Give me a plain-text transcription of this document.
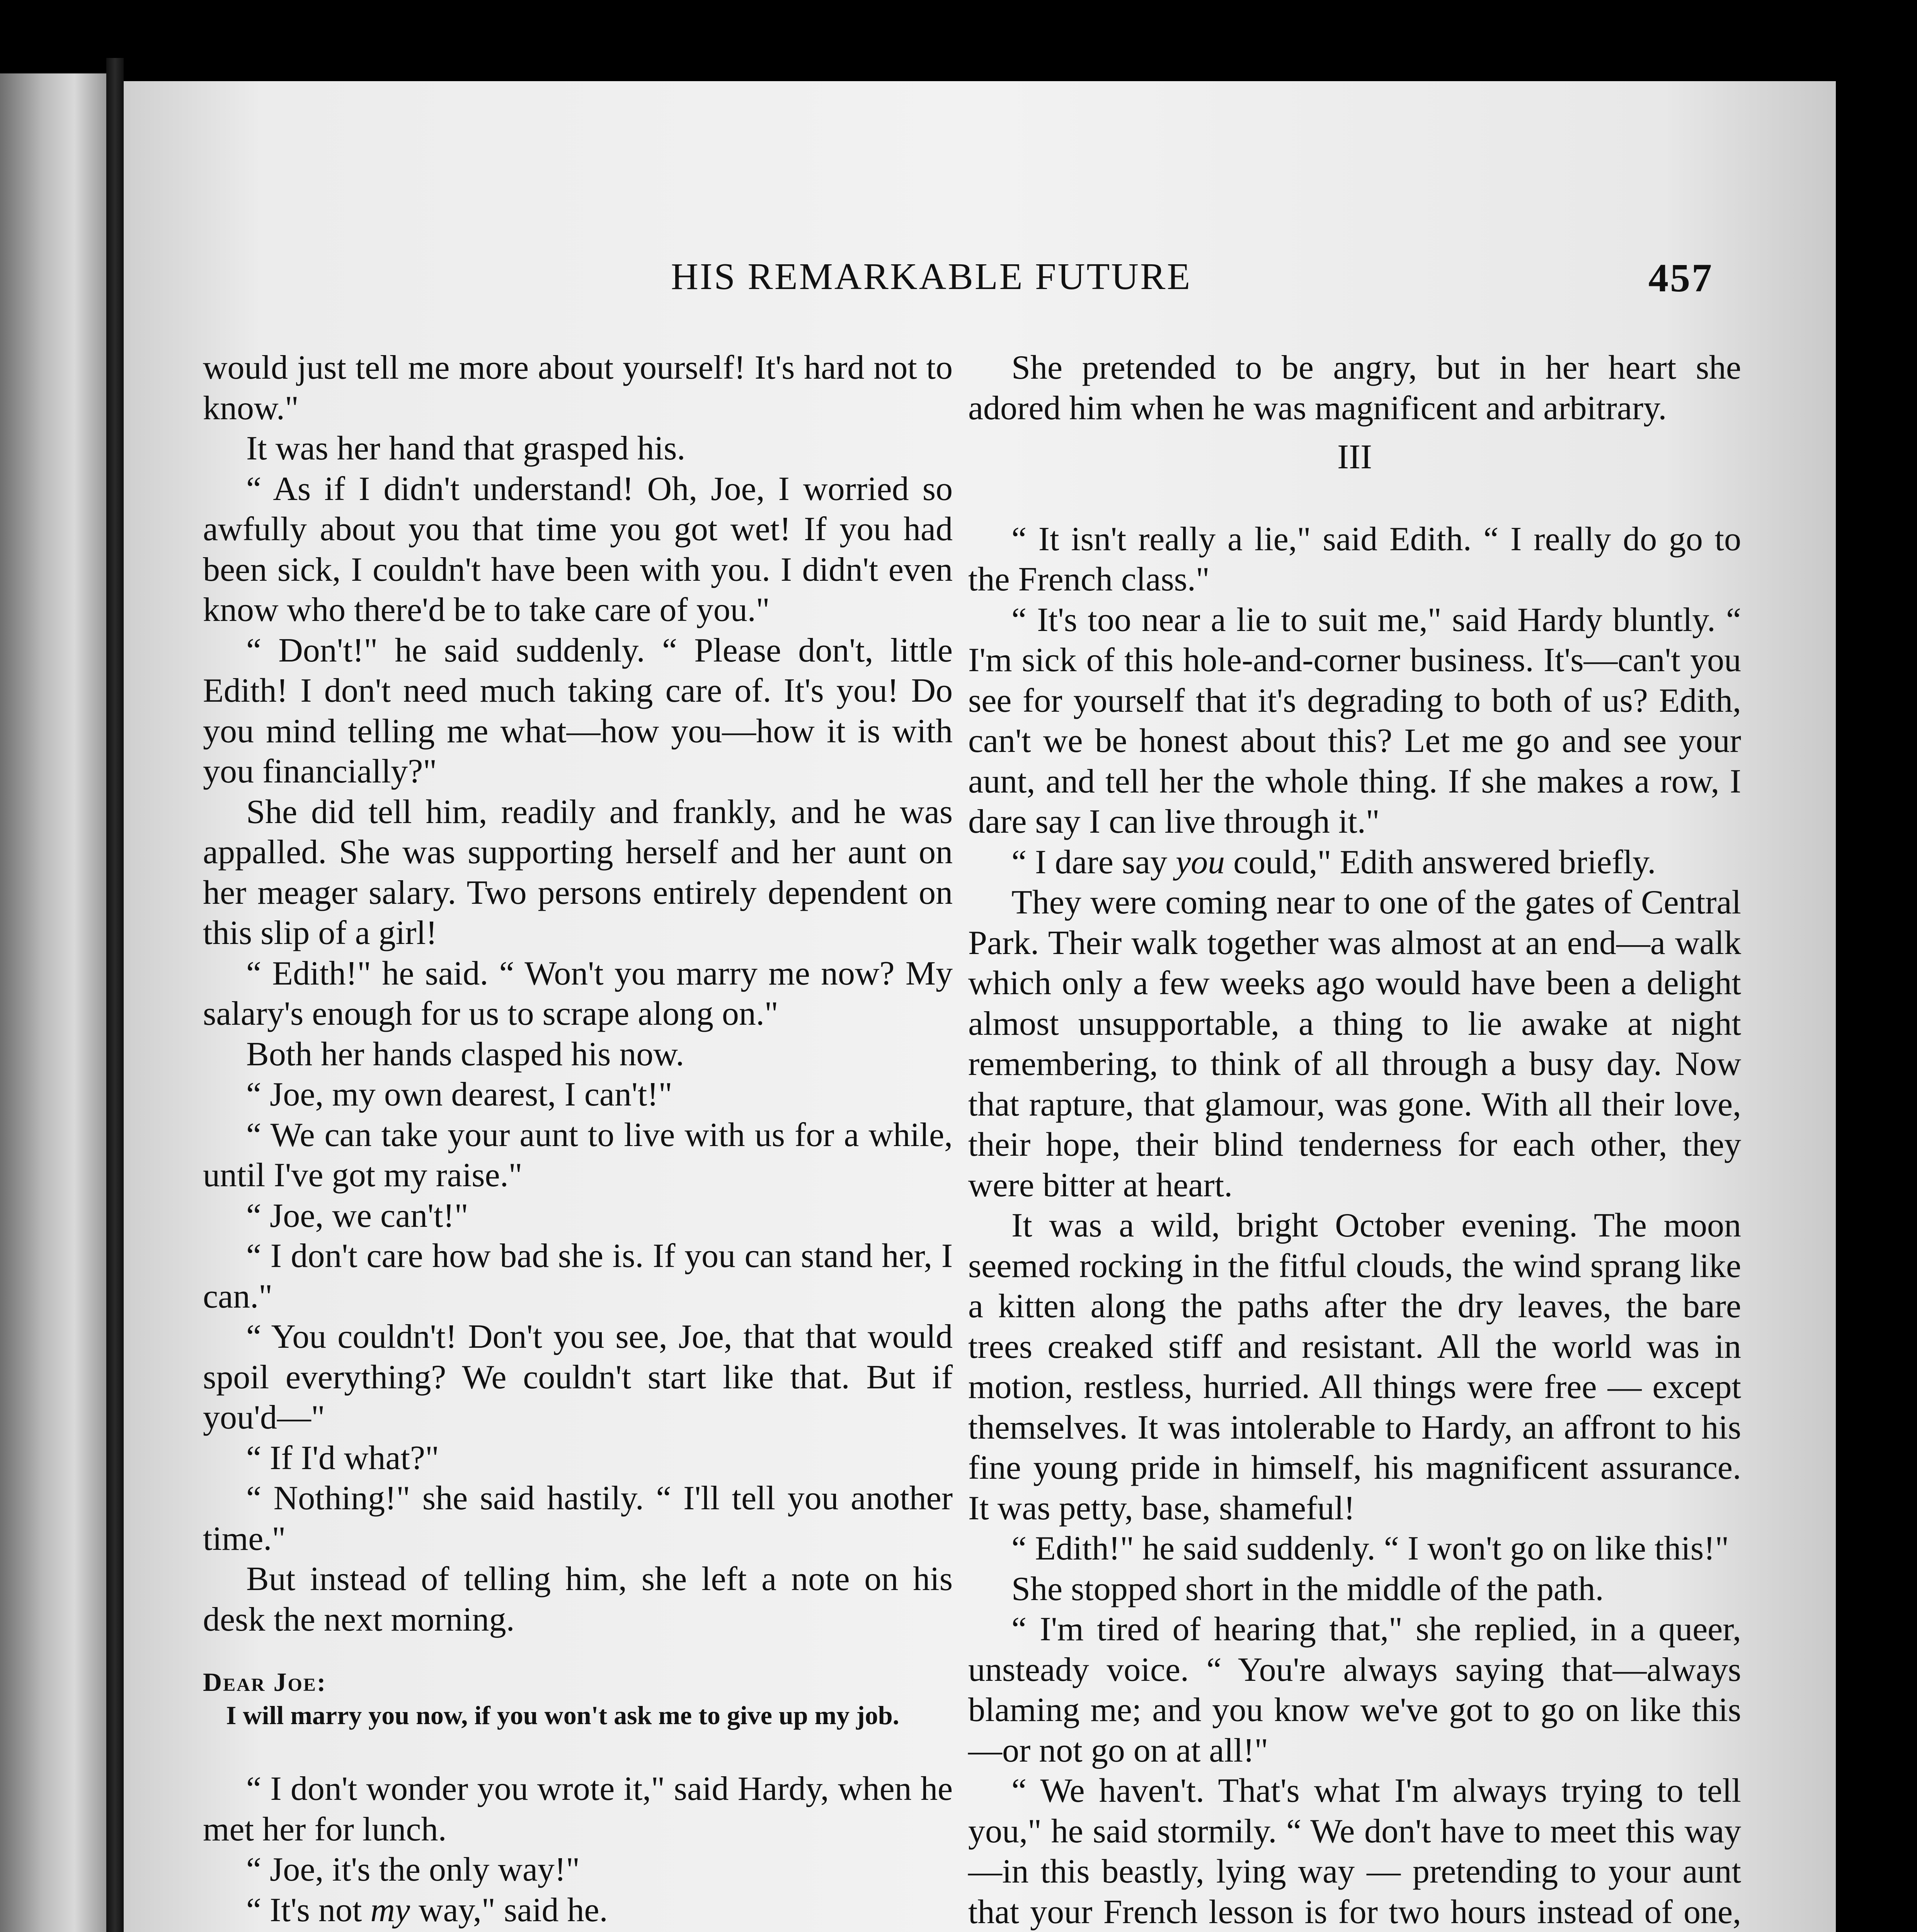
HIS REMARKABLE FUTURE	457

would just tell me more about yourself! It's hard not to know."

It was her hand that grasped his.

“ As if I didn't understand! Oh, Joe, I worried so awfully about you that time you got wet! If you had been sick, I couldn't have been with you. I didn't even know who there'd be to take care of you."

“ Don't!" he said suddenly. “ Please don't, little Edith! I don't need much taking care of. It's you! Do you mind telling me what—how you—how it is with you financially?"

She did tell him, readily and frankly, and he was appalled. She was supporting herself and her aunt on her meager salary. Two persons entirely dependent on this slip of a girl!

“ Edith!" he said. “ Won't you marry me now? My salary's enough for us to scrape along on."

Both her hands clasped his now.

“ Joe, my own dearest, I can't!"

“ We can take your aunt to live with us for a while, until I've got my raise."

“ Joe, we can't!"

“ I don't care how bad she is. If you can stand her, I can."

“ You couldn't! Don't you see, Joe, that that would spoil everything? We couldn't start like that. But if you'd—"

“ If I'd what?"

“ Nothing!" she said hastily. “ I'll tell you another time."

But instead of telling him, she left a note on his desk the next morning.

Dear Joe:

I will marry you now, if you won't ask me to give up my job.

“ I don't wonder you wrote it," said Hardy, when he met her for lunch.

“ Joe, it's the only way!"

“ It's not my way," said he.

She pretended to be angry, but in her heart she adored him when he was magnificent and arbitrary.

III

“ It isn't really a lie," said Edith. “ I really do go to the French class."

“ It's too near a lie to suit me," said Hardy bluntly. “ I'm sick of this hole-and-corner business. It's—can't you see for yourself that it's degrading to both of us? Edith, can't we be honest about this? Let me go and see your aunt, and tell her the whole thing. If she makes a row, I dare say I can live through it."

“ I dare say you could," Edith answered briefly.

They were coming near to one of the gates of Central Park. Their walk together was almost at an end—a walk which only a few weeks ago would have been a delight almost unsupportable, a thing to lie awake at night remembering, to think of all through a busy day. Now that rapture, that glamour, was gone. With all their love, their hope, their blind tenderness for each other, they were bitter at heart.

It was a wild, bright October evening. The moon seemed rocking in the fitful clouds, the wind sprang like a kitten along the paths after the dry leaves, the bare trees creaked stiff and resistant. All the world was in motion, restless, hurried. All things were free — except themselves. It was intolerable to Hardy, an affront to his fine young pride in himself, his magnificent assurance. It was petty, base, shameful!

“ Edith!" he said suddenly. “ I won't go on like this!"

She stopped short in the middle of the path.

“ I'm tired of hearing that," she replied, in a queer, unsteady voice. “ You're always saying that—always blaming me; and you know we've got to go on like this—or not go on at all!"

“ We haven't. That's what I'm always trying to tell you," he said stormily. “ We don't have to meet this way—in this beastly, lying way — pretending to your aunt that your French lesson is for two hours instead of one,
